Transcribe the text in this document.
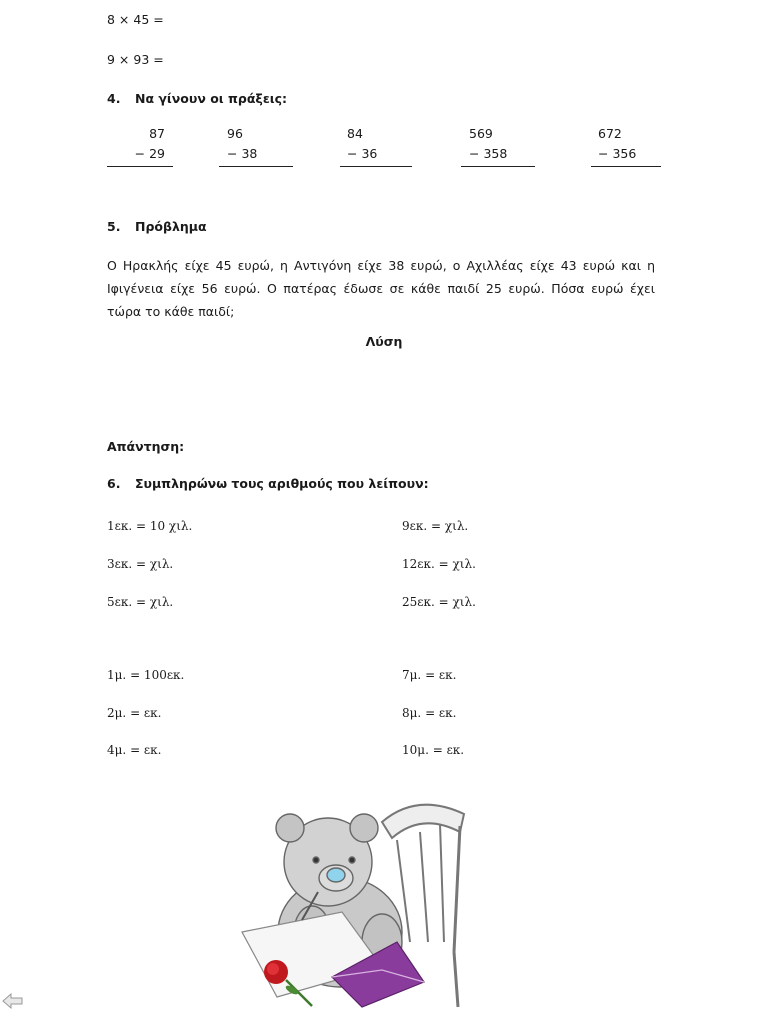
8 × 45 =
9 × 93 =
4. Να γίνουν οι πράξεις:
87
− 29
96
− 38
84
− 36
569
− 358
672
− 356
5. Πρόβλημα
Ο Ηρακλής είχε 45 ευρώ, η Αντιγόνη είχε 38 ευρώ, ο Αχιλλέας είχε 43 ευρώ και η Ιφιγένεια είχε 56 ευρώ. Ο πατέρας έδωσε σε κάθε παιδί 25 ευρώ. Πόσα ευρώ έχει τώρα το κάθε παιδί;
Λύση
Απάντηση:
6. Συμπληρώνω τους αριθμούς που λείπουν:
1εκ. = 10 χιλ.
3εκ. = χιλ.
5εκ. = χιλ.
9εκ. = χιλ.
12εκ. = χιλ.
25εκ. = χιλ.
1μ. = 100εκ.
2μ. = εκ.
4μ. = εκ.
7μ. = εκ.
8μ. = εκ.
10μ. = εκ.
